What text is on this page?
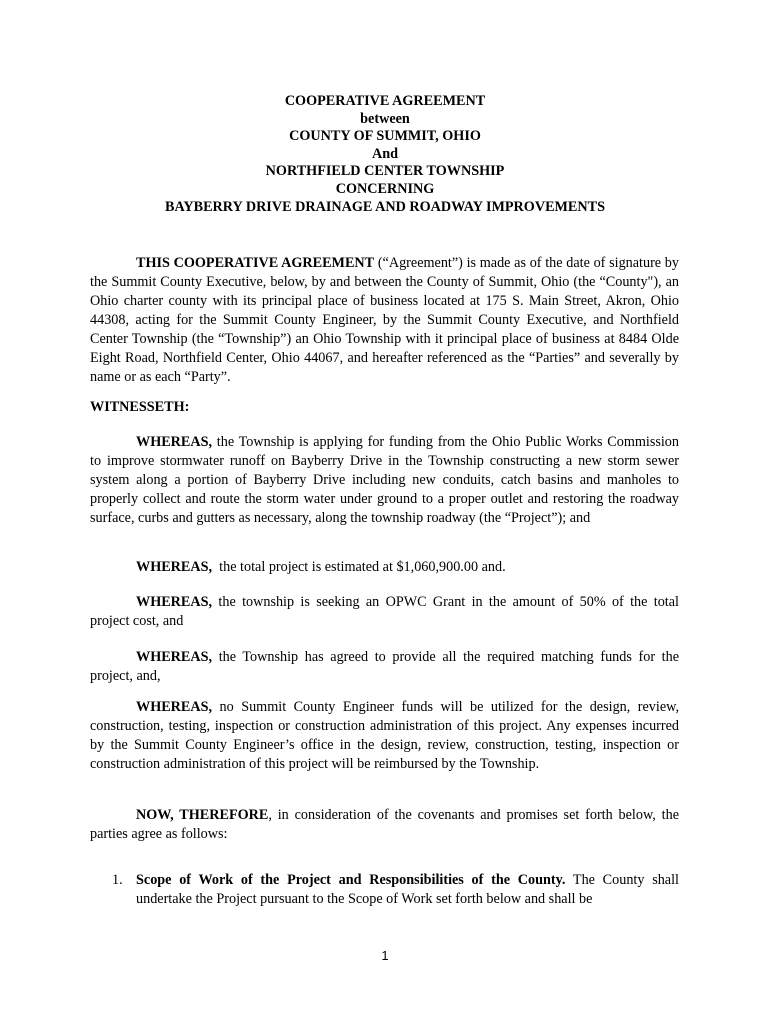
COOPERATIVE AGREEMENT
between
COUNTY OF SUMMIT, OHIO
And
NORTHFIELD CENTER TOWNSHIP
CONCERNING
BAYBERRY DRIVE DRAINAGE AND ROADWAY IMPROVEMENTS

THIS COOPERATIVE AGREEMENT (“Agreement”) is made as of the date of signature by the Summit County Executive, below, by and between the County of Summit, Ohio (the “County"), an Ohio charter county with its principal place of business located at 175 S. Main Street, Akron, Ohio 44308, acting for the Summit County Engineer, by the Summit County Executive, and Northfield Center Township (the “Township”) an Ohio Township with it principal place of business at 8484 Olde Eight Road, Northfield Center, Ohio 44067, and hereafter referenced as the “Parties” and severally by name or as each “Party”.

WITNESSETH:

WHEREAS, the Township is applying for funding from the Ohio Public Works Commission to improve stormwater runoff on Bayberry Drive in the Township constructing a new storm sewer system along a portion of Bayberry Drive including new conduits, catch basins and manholes to properly collect and route the storm water under ground to a proper outlet and restoring the roadway surface, curbs and gutters as necessary, along the township roadway (the “Project”); and

WHEREAS,  the total project is estimated at $1,060,900.00 and.

WHEREAS, the township is seeking an OPWC Grant in the amount of 50% of the total project cost, and

WHEREAS, the Township has agreed to provide all the required matching funds for the project, and,

WHEREAS, no Summit County Engineer funds will be utilized for the design, review, construction, testing, inspection or construction administration of this project. Any expenses incurred by the Summit County Engineer’s office in the design, review, construction, testing, inspection or construction administration of this project will be reimbursed by the Township.

NOW, THEREFORE, in consideration of the covenants and promises set forth below, the parties agree as follows:

1. Scope of Work of the Project and Responsibilities of the County. The County shall undertake the Project pursuant to the Scope of Work set forth below and shall be
1
